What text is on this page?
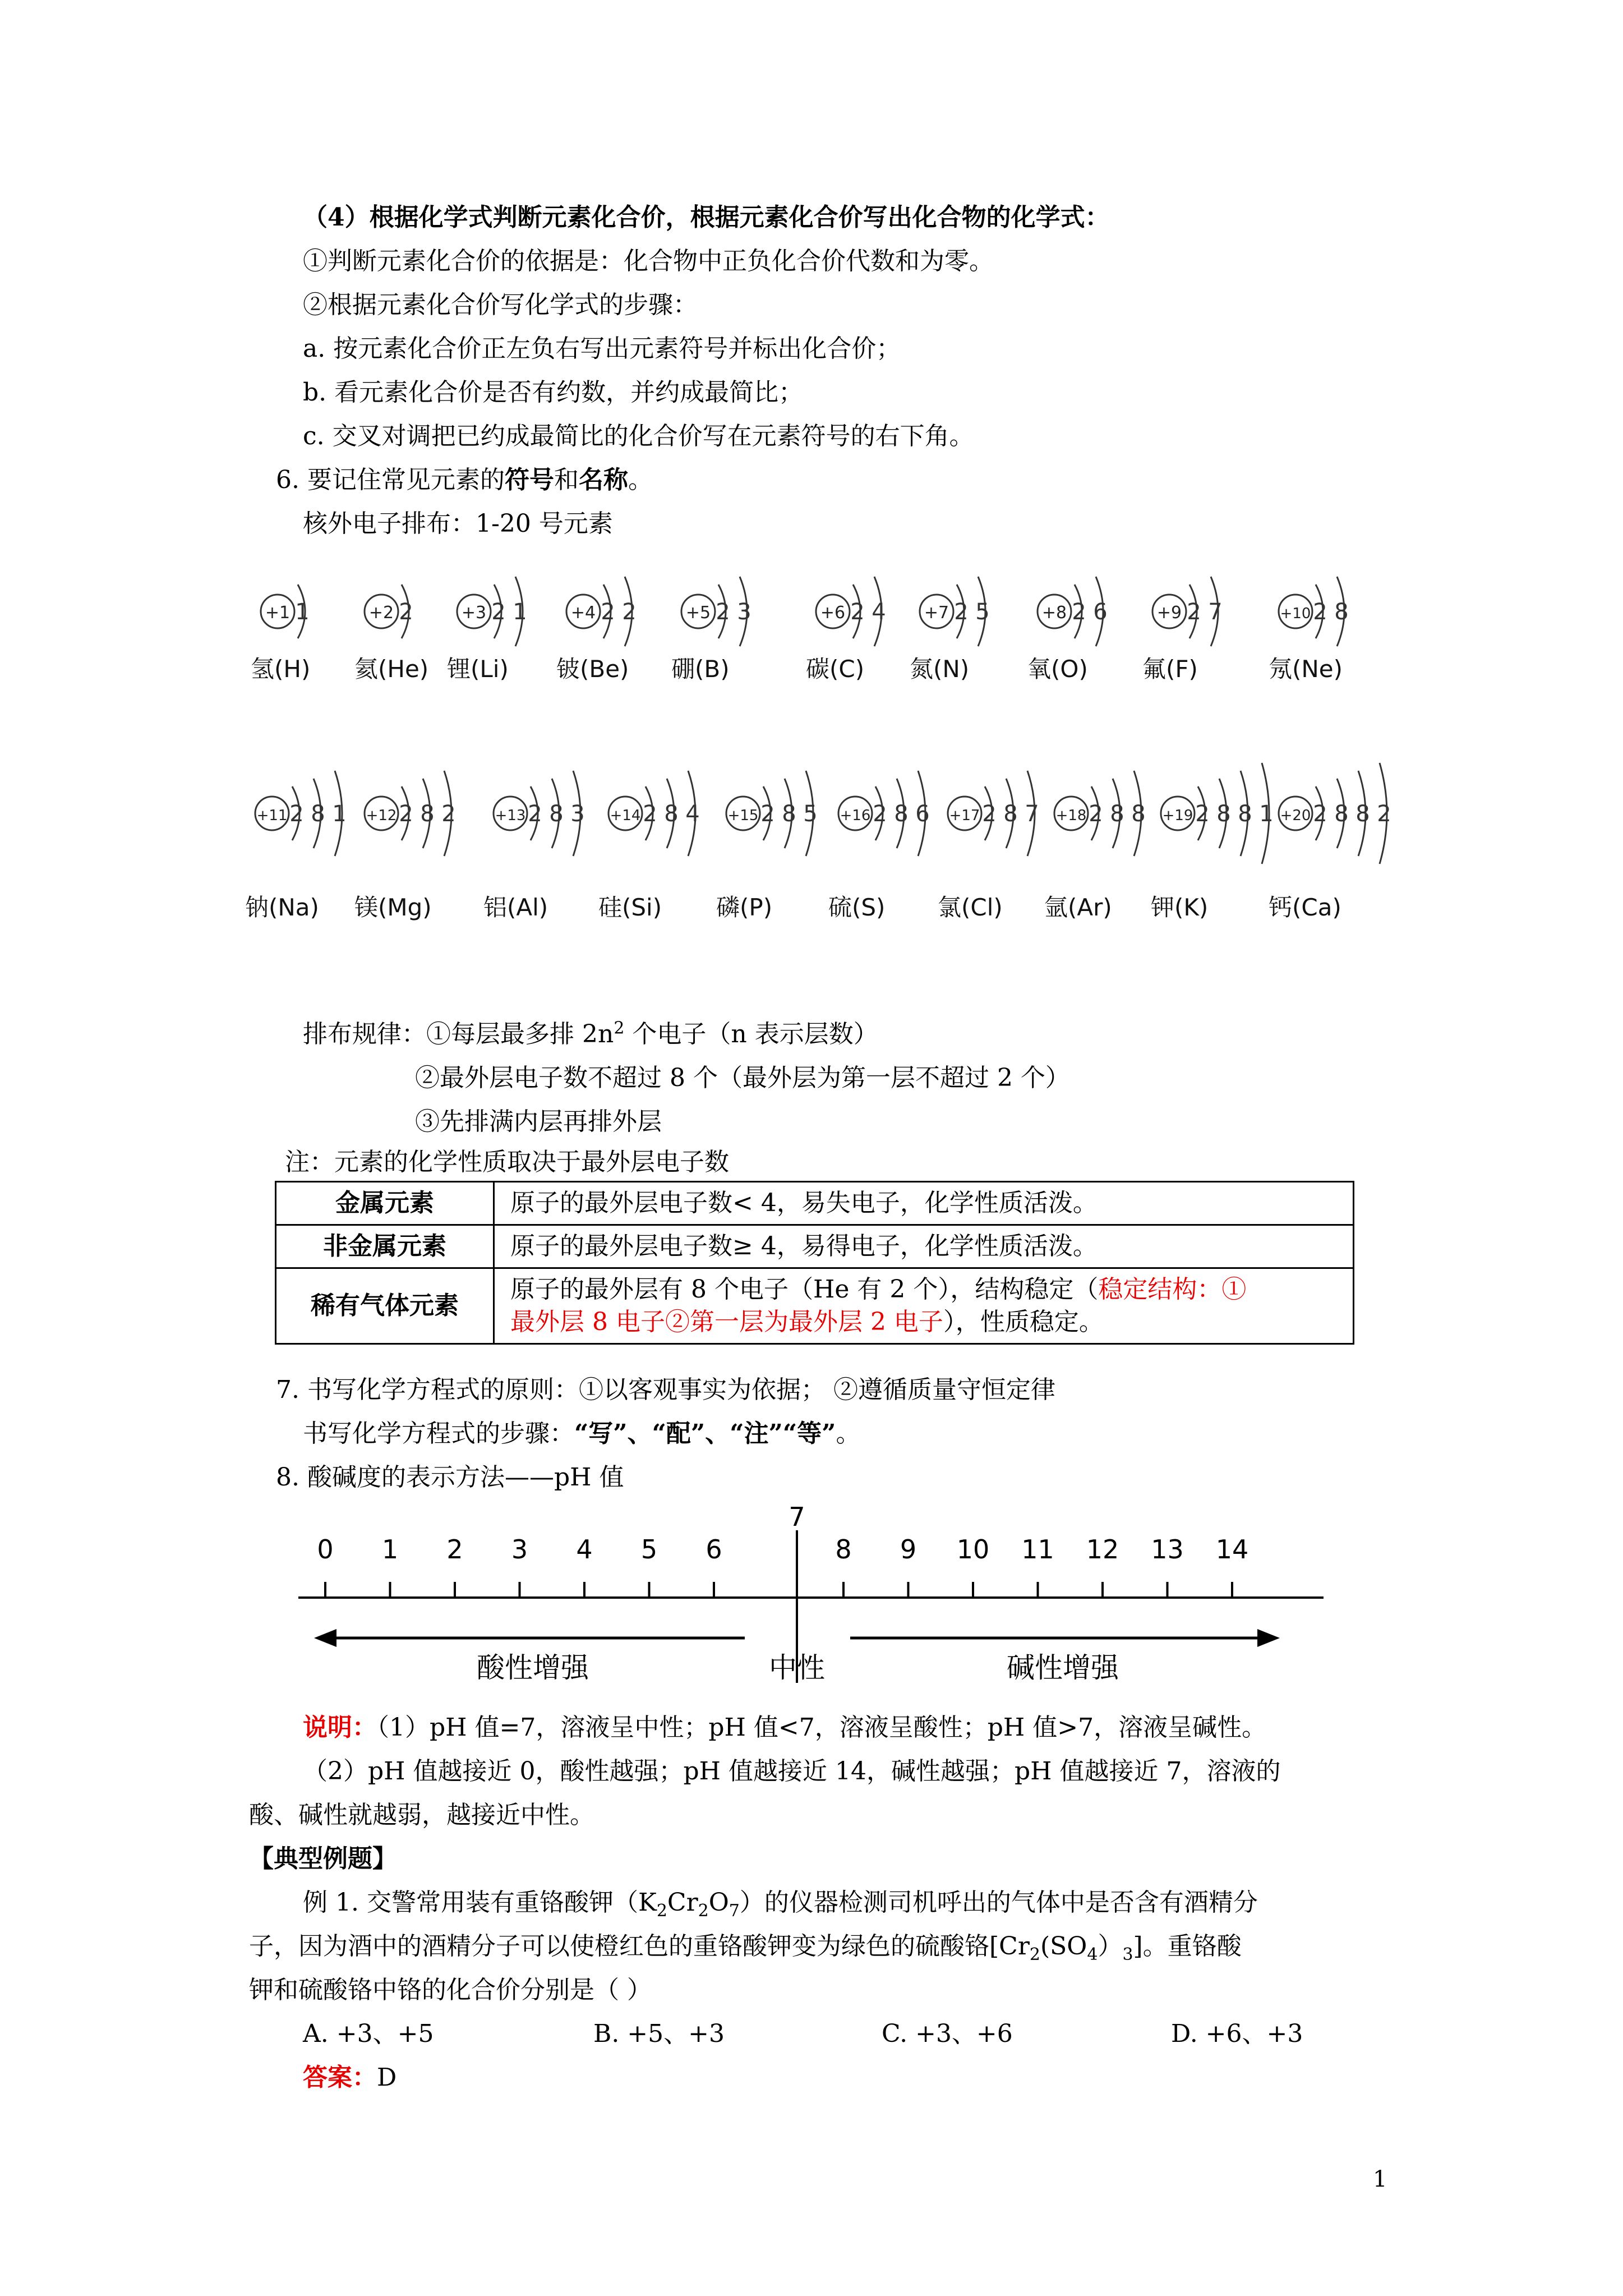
（4）根据化学式判断元素化合价，根据元素化合价写出化合物的化学式：
①判断元素化合价的依据是：化合物中正负化合价代数和为零。
②根据元素化合价写化学式的步骤：
a. 按元素化合价正左负右写出元素符号并标出化合价；
b. 看元素化合价是否有约数，并约成最简比；
c. 交叉对调把已约成最简比的化合价写在元素符号的右下角。
6. 要记住常见元素的符号和名称。
核外电子排布：1-20 号元素
+1 1
氢(H)
+2 2
氦(He)
+3 2 1
锂(Li)
+4 2 2
铍(Be)
+5 2 3
硼(B)
+6 2 4
碳(C)
+7 2 5
氮(N)
+8 2 6
氧(O)
+9 2 7
氟(F)
+10 2 8
氖(Ne)
+11 2 8 1
钠(Na)
+12 2 8 2
镁(Mg)
+13 2 8 3
铝(Al)
+14 2 8 4
硅(Si)
+15 2 8 5
磷(P)
+16 2 8 6
硫(S)
+17 2 8 7
氯(Cl)
+18 2 8 8
氩(Ar)
+19 2 8 8 1
钾(K)
+20 2 8 8 2
钙(Ca)
排布规律：①每层最多排 $2n^2$ 个电子（n 表示层数）
②最外层电子数不超过 8 个（最外层为第一层不超过 2 个）
③先排满内层再排外层
注：元素的化学性质取决于最外层电子数
金属元素	原子的最外层电子数< 4，易失电子，化学性质活泼。
非金属元素	原子的最外层电子数≥ 4，易得电子，化学性质活泼。
稀有气体元素	原子的最外层有 8 个电子（He 有 2 个），结构稳定（稳定结构：①
最外层 8 电子②第一层为最外层 2 电子），性质稳定。
7. 书写化学方程式的原则：①以客观事实为依据； ②遵循质量守恒定律
书写化学方程式的步骤：“写”、“配”、“注”“等”。
8. 酸碱度的表示方法——pH 值
0 1 2 3 4 5 6
7
8 9 10 11 12 13 14
酸性增强	中性	碱性增强
说明：（1）pH 值=7，溶液呈中性；pH 值<7，溶液呈酸性；pH 值>7，溶液呈碱性。
（2）pH 值越接近 0，酸性越强；pH 值越接近 14，碱性越强；pH 值越接近 7，溶液的
酸、碱性就越弱，越接近中性。
【典型例题】
例 1. 交警常用装有重铬酸钾$(K_2Cr_2O_7)$的仪器检测司机呼出的气体中是否含有酒精分
子，因为酒中的酒精分子可以使橙红色的重铬酸钾变为绿色的硫酸铬$[Cr_2(SO_4)_3]$。重铬酸
钾和硫酸铬中铬的化合价分别是（ ）
A. +3、+5	B. +5、+3	C. +3、+6	D. +6、+3
答案：D
1
